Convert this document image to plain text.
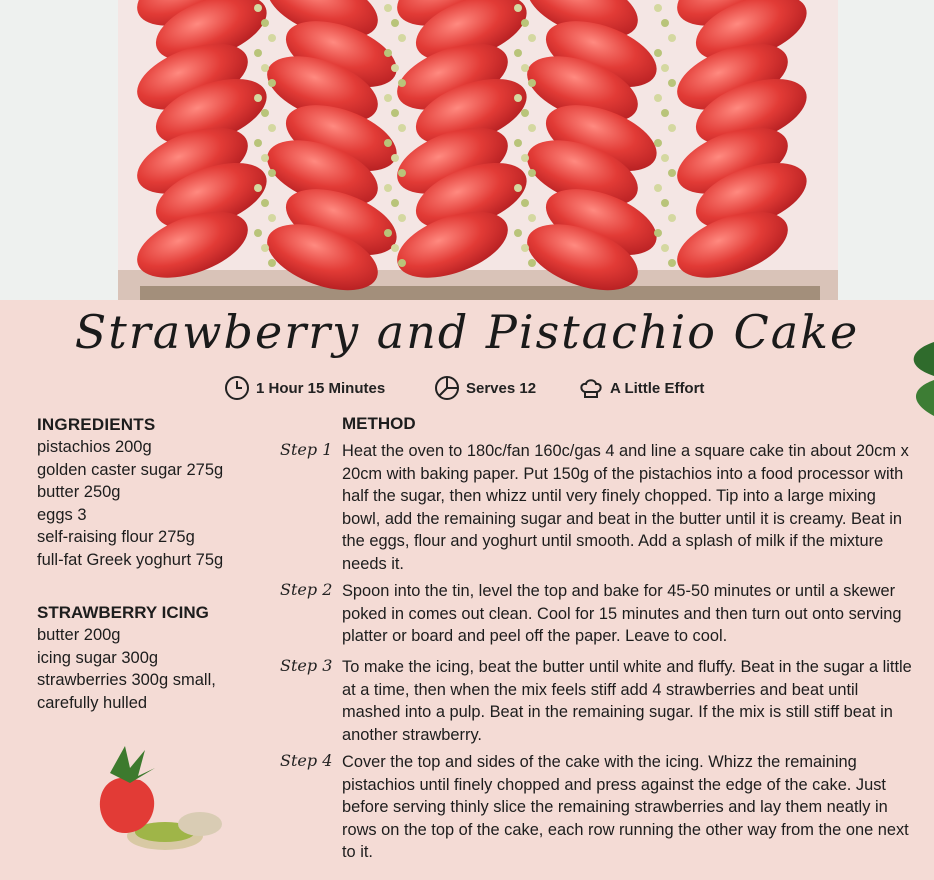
Strawberry and Pistachio Cake
1 Hour 15 Minutes	Serves 12	A Little Effort
INGREDIENTS
pistachios 200g
golden caster sugar 275g
butter 250g
eggs 3
self-raising flour 275g
full-fat Greek yoghurt 75g
STRAWBERRY ICING
butter 200g
icing sugar 300g
strawberries 300g small,
carefully hulled
METHOD
Step 1 Heat the oven to 180c/fan 160c/gas 4 and line a square cake tin about 20cm x 20cm with baking paper. Put 150g of the pistachios into a food processor with half the sugar, then whizz until very finely chopped. Tip into a large mixing bowl, add the remaining sugar and beat in the butter until it is creamy. Beat in the eggs, flour and yoghurt until smooth. Add a splash of milk if the mixture needs it.
Step 2 Spoon into the tin, level the top and bake for 45-50 minutes or until a skewer poked in comes out clean. Cool for 15 minutes and then turn out onto serving platter or board and peel off the paper. Leave to cool.
Step 3 To make the icing, beat the butter until white and fluffy. Beat in the sugar a little at a time, then when the mix feels stiff add 4 strawberries and beat until mashed into a pulp. Beat in the remaining sugar. If the mix is still stiff beat in another strawberry.
Step 4 Cover the top and sides of the cake with the icing. Whizz the remaining pistachios until finely chopped and press against the edge of the cake. Just before serving thinly slice the remaining strawberries and lay them neatly in rows on the top of the cake, each row running the other way from the one next to it.
